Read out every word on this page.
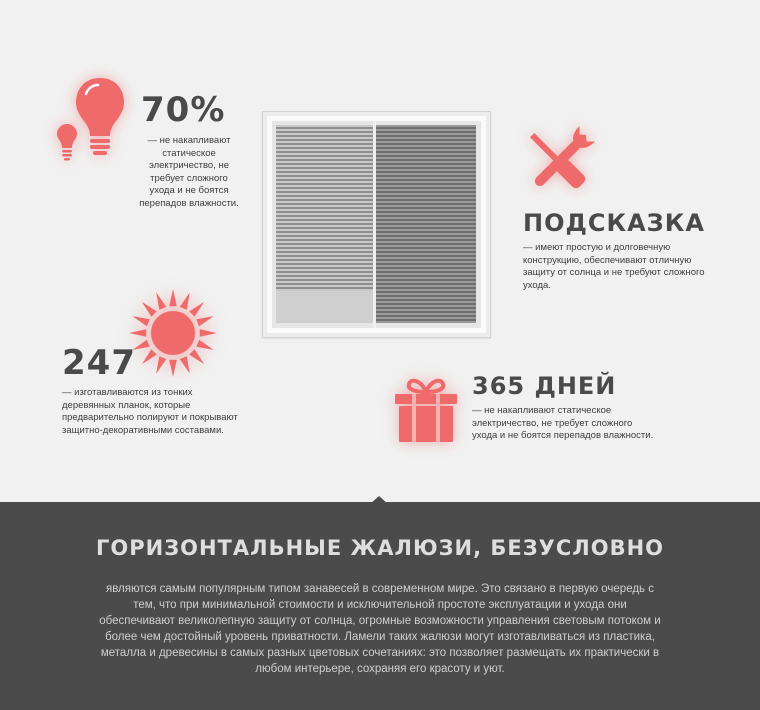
70%
— не накапливают статическое электричество, не требует сложного ухода и не боятся перепадов влажности.
ПОДСКАЗКА
— имеют простую и долговечную конструкцию, обеспечивают отличную защиту от солнца и не требуют сложного ухода.
247
— изготавливаются из тонких деревянных планок, которые предварительно полируют и покрывают защитно-декоративными составами.
365 ДНЕЙ
— не накапливают статическое электричество, не требует сложного ухода и не боятся перепадов влажности.
ГОРИЗОНТАЛЬНЫЕ ЖАЛЮЗИ, БЕЗУСЛОВНО
являются самым популярным типом занавесей в современном мире. Это связано в первую очередь с тем, что при минимальной стоимости и исключительной простоте эксплуатации и ухода они обеспечивают великолепную защиту от солнца, огромные возможности управления световым потоком и более чем достойный уровень приватности. Ламели таких жалюзи могут изготавливаться из пластика, металла и древесины в самых разных цветовых сочетаниях: это позволяет размещать их практически в любом интерьере, сохраняя его красоту и уют.
